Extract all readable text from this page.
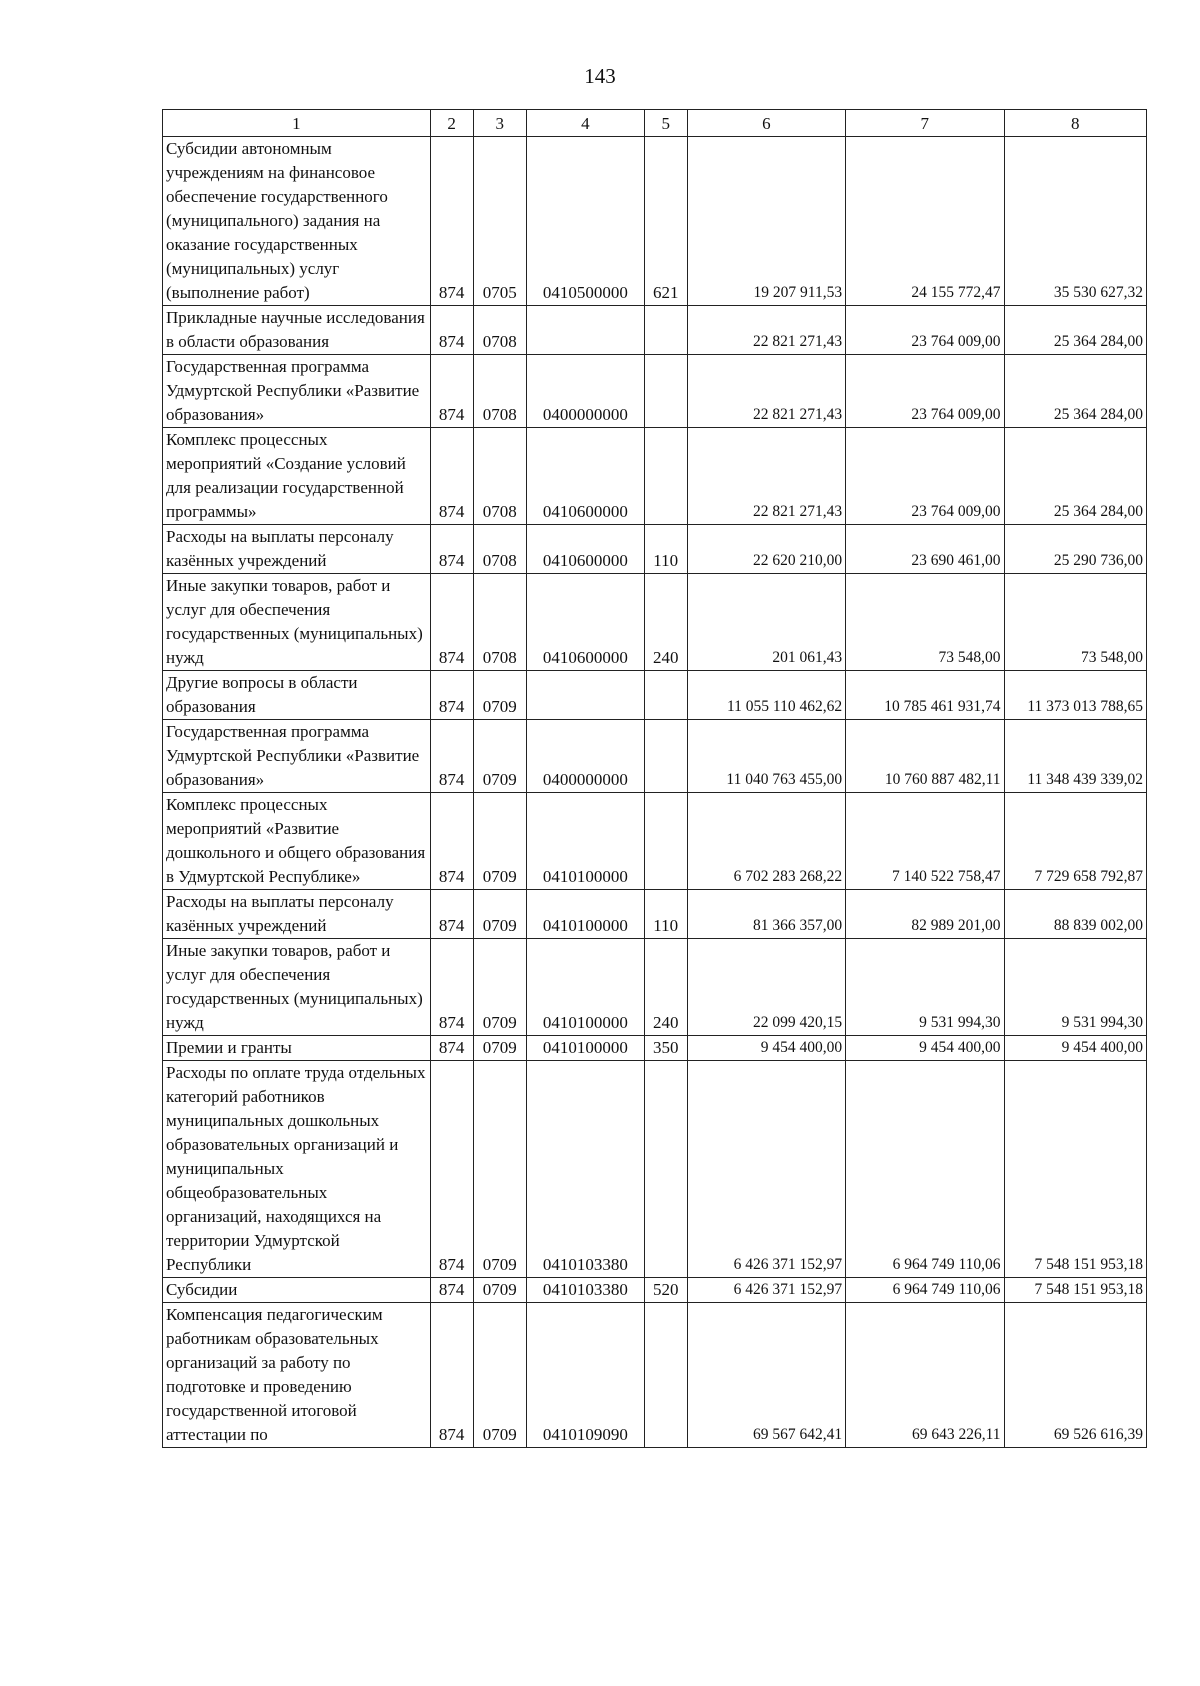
143
1	2	3	4	5	6	7	8
Субсидии автономным учреждениям на финансовое обеспечение государственного (муниципального) задания на оказание государственных (муниципальных) услуг (выполнение работ)	874	0705	0410500000	621	19 207 911,53	24 155 772,47	35 530 627,32
Прикладные научные исследования в области образования	874	0708			22 821 271,43	23 764 009,00	25 364 284,00
Государственная программа Удмуртской Республики «Развитие образования»	874	0708	0400000000		22 821 271,43	23 764 009,00	25 364 284,00
Комплекс процессных мероприятий «Создание условий для реализации государственной программы»	874	0708	0410600000		22 821 271,43	23 764 009,00	25 364 284,00
Расходы на выплаты персоналу казённых учреждений	874	0708	0410600000	110	22 620 210,00	23 690 461,00	25 290 736,00
Иные закупки товаров, работ и услуг для обеспечения государственных (муниципальных) нужд	874	0708	0410600000	240	201 061,43	73 548,00	73 548,00
Другие вопросы в области образования	874	0709			11 055 110 462,62	10 785 461 931,74	11 373 013 788,65
Государственная программа Удмуртской Республики «Развитие образования»	874	0709	0400000000		11 040 763 455,00	10 760 887 482,11	11 348 439 339,02
Комплекс процессных мероприятий «Развитие дошкольного и общего образования в Удмуртской Республике»	874	0709	0410100000		6 702 283 268,22	7 140 522 758,47	7 729 658 792,87
Расходы на выплаты персоналу казённых учреждений	874	0709	0410100000	110	81 366 357,00	82 989 201,00	88 839 002,00
Иные закупки товаров, работ и услуг для обеспечения государственных (муниципальных) нужд	874	0709	0410100000	240	22 099 420,15	9 531 994,30	9 531 994,30
Премии и гранты	874	0709	0410100000	350	9 454 400,00	9 454 400,00	9 454 400,00
Расходы по оплате труда отдельных категорий работников муниципальных дошкольных образовательных организаций и муниципальных общеобразовательных организаций, находящихся на территории Удмуртской Республики	874	0709	0410103380		6 426 371 152,97	6 964 749 110,06	7 548 151 953,18
Субсидии	874	0709	0410103380	520	6 426 371 152,97	6 964 749 110,06	7 548 151 953,18
Компенсация педагогическим работникам образовательных организаций за работу по подготовке и проведению государственной итоговой аттестации по	874	0709	0410109090		69 567 642,41	69 643 226,11	69 526 616,39
